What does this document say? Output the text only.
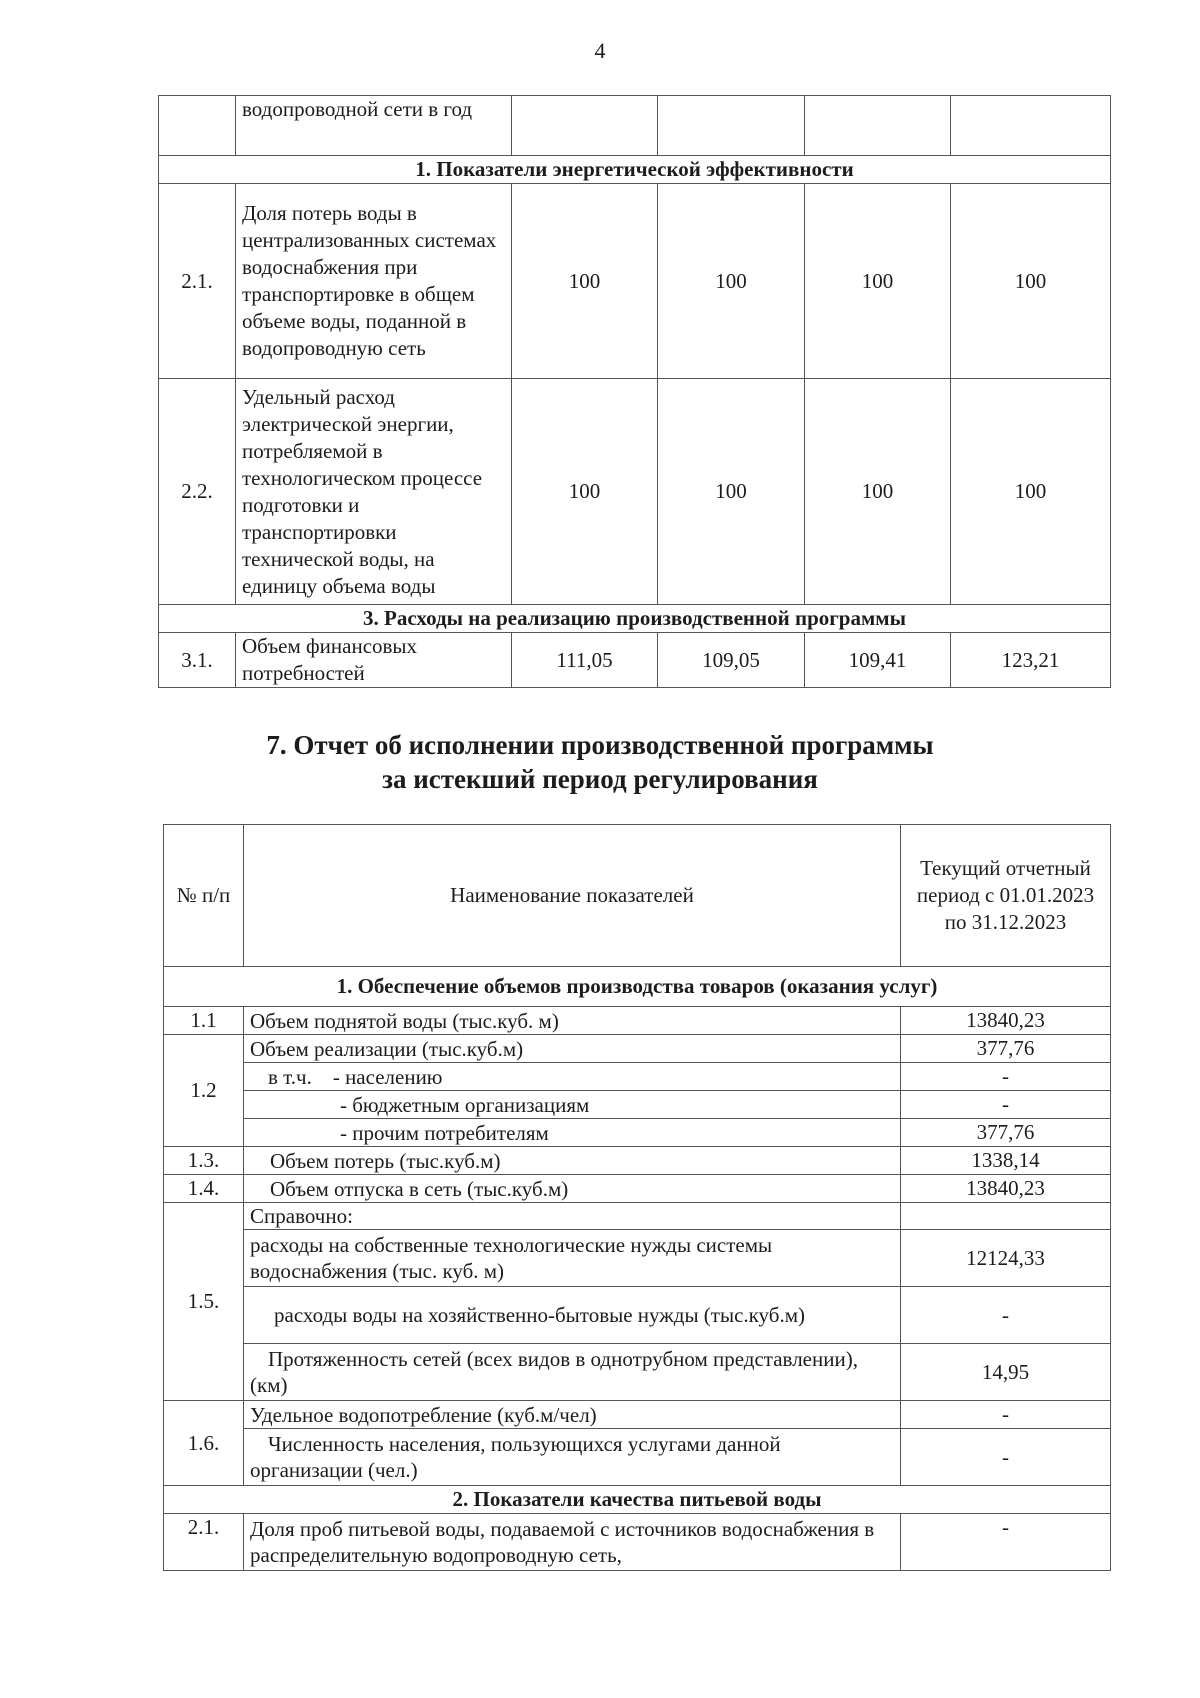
4
	водопроводной сети в год				
1. Показатели энергетической эффективности					
2.1.	Доля потерь воды в централизованных системах водоснабжения при транспортировке в общем объеме воды, поданной в водопроводную сеть	100	100	100	100
2.2.	Удельный расход электрической энергии, потребляемой в технологическом процессе подготовки и транспортировки технической воды, на единицу объема воды	100	100	100	100
3. Расходы на реализацию производственной программы					
3.1.	Объем финансовых потребностей	111,05	109,05	109,41	123,21
7. Отчет об исполнении производственной программы
за истекший период регулирования
№ п/п	Наименование показателей	Текущий отчетный период с 01.01.2023 по 31.12.2023
1. Обеспечение объемов производства товаров (оказания услуг)		
1.1	Объем поднятой воды (тыс.куб. м)	13840,23
1.2	Объем реализации (тыс.куб.м)	377,76
	в т.ч.    - населению	-
	- бюджетным организациям	-
	- прочим потребителям	377,76
1.3.	Объем потерь (тыс.куб.м)	1338,14
1.4.	Объем отпуска в сеть (тыс.куб.м)	13840,23
1.5.	Справочно:	
	расходы на собственные технологические нужды системы водоснабжения (тыс. куб. м)	12124,33
	расходы воды на хозяйственно-бытовые нужды (тыс.куб.м)	-
	Протяженность сетей (всех видов в однотрубном представлении), (км)	14,95
1.6.	Удельное водопотребление (куб.м/чел)	-
	Численность населения, пользующихся услугами данной организации (чел.)	-
2. Показатели качества питьевой воды		
2.1.	Доля проб питьевой воды, подаваемой с источников водоснабжения в распределительную водопроводную сеть,	-
